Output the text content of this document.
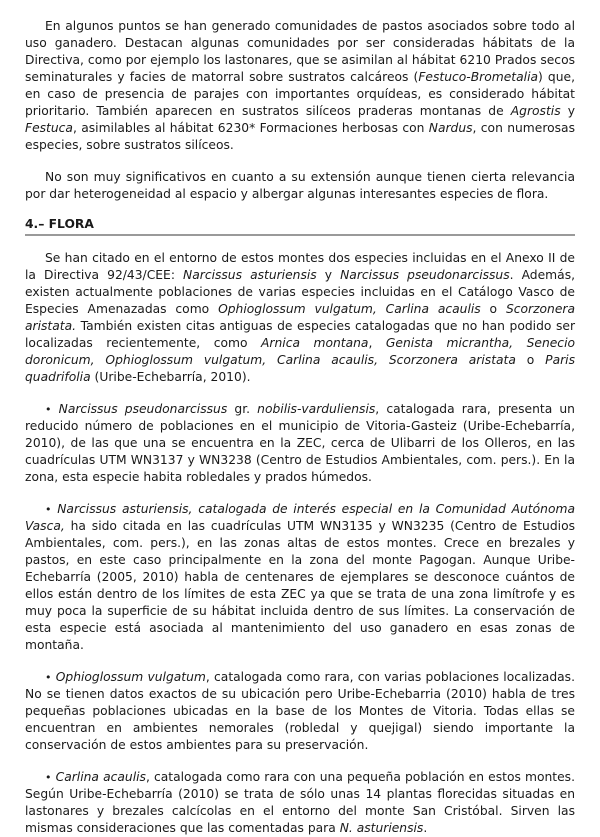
En algunos puntos se han generado comunidades de pastos asociados sobre todo al uso ganadero. Destacan algunas comunidades por ser consideradas hábitats de la Directiva, como por ejemplo los lastonares, que se asimilan al hábitat 6210 Prados secos seminaturales y facies de matorral sobre sustratos calcáreos (Festuco-Brometalia) que, en caso de presencia de parajes con importantes orquídeas, es considerado hábitat prioritario. También aparecen en sustratos silíceos praderas montanas de Agrostis y Festuca, asimilables al hábitat 6230* Formaciones herbosas con Nardus, con numerosas especies, sobre sustratos silíceos.

No son muy significativos en cuanto a su extensión aunque tienen cierta relevancia por dar heterogeneidad al espacio y albergar algunas interesantes especies de flora.

4.– FLORA

Se han citado en el entorno de estos montes dos especies incluidas en el Anexo II de la Directiva 92/43/CEE: Narcissus asturiensis y Narcissus pseudonarcissus. Además, existen actualmente poblaciones de varias especies incluidas en el Catálogo Vasco de Especies Amenazadas como Ophioglossum vulgatum, Carlina acaulis o Scorzonera aristata. También existen citas antiguas de especies catalogadas que no han podido ser localizadas recientemente, como Arnica montana, Genista micrantha, Senecio doronicum, Ophioglossum vulgatum, Carlina acaulis, Scorzonera aristata o Paris quadrifolia (Uribe-Echebarría, 2010).

• Narcissus pseudonarcissus gr. nobilis-varduliensis, catalogada rara, presenta un reducido número de poblaciones en el municipio de Vitoria-Gasteiz (Uribe-Echebarría, 2010), de las que una se encuentra en la ZEC, cerca de Ulibarri de los Olleros, en las cuadrículas UTM WN3137 y WN3238 (Centro de Estudios Ambientales, com. pers.). En la zona, esta especie habita robledales y prados húmedos.

• Narcissus asturiensis, catalogada de interés especial en la Comunidad Autónoma Vasca, ha sido citada en las cuadrículas UTM WN3135 y WN3235 (Centro de Estudios Ambientales, com. pers.), en las zonas altas de estos montes. Crece en brezales y pastos, en este caso principalmente en la zona del monte Pagogan. Aunque Uribe-Echebarría (2005, 2010) habla de centenares de ejemplares se desconoce cuántos de ellos están dentro de los límites de esta ZEC ya que se trata de una zona limítrofe y es muy poca la superficie de su hábitat incluida dentro de sus límites. La conservación de esta especie está asociada al mantenimiento del uso ganadero en esas zonas de montaña.

• Ophioglossum vulgatum, catalogada como rara, con varias poblaciones localizadas. No se tienen datos exactos de su ubicación pero Uribe-Echebarria (2010) habla de tres pequeñas poblaciones ubicadas en la base de los Montes de Vitoria. Todas ellas se encuentran en ambientes nemorales (robledal y quejigal) siendo importante la conservación de estos ambientes para su preservación.

• Carlina acaulis, catalogada como rara con una pequeña población en estos montes. Según Uribe-Echebarría (2010) se trata de sólo unas 14 plantas florecidas situadas en lastonares y brezales calcícolas en el entorno del monte San Cristóbal. Sirven las mismas consideraciones que las comentadas para N. asturiensis.
